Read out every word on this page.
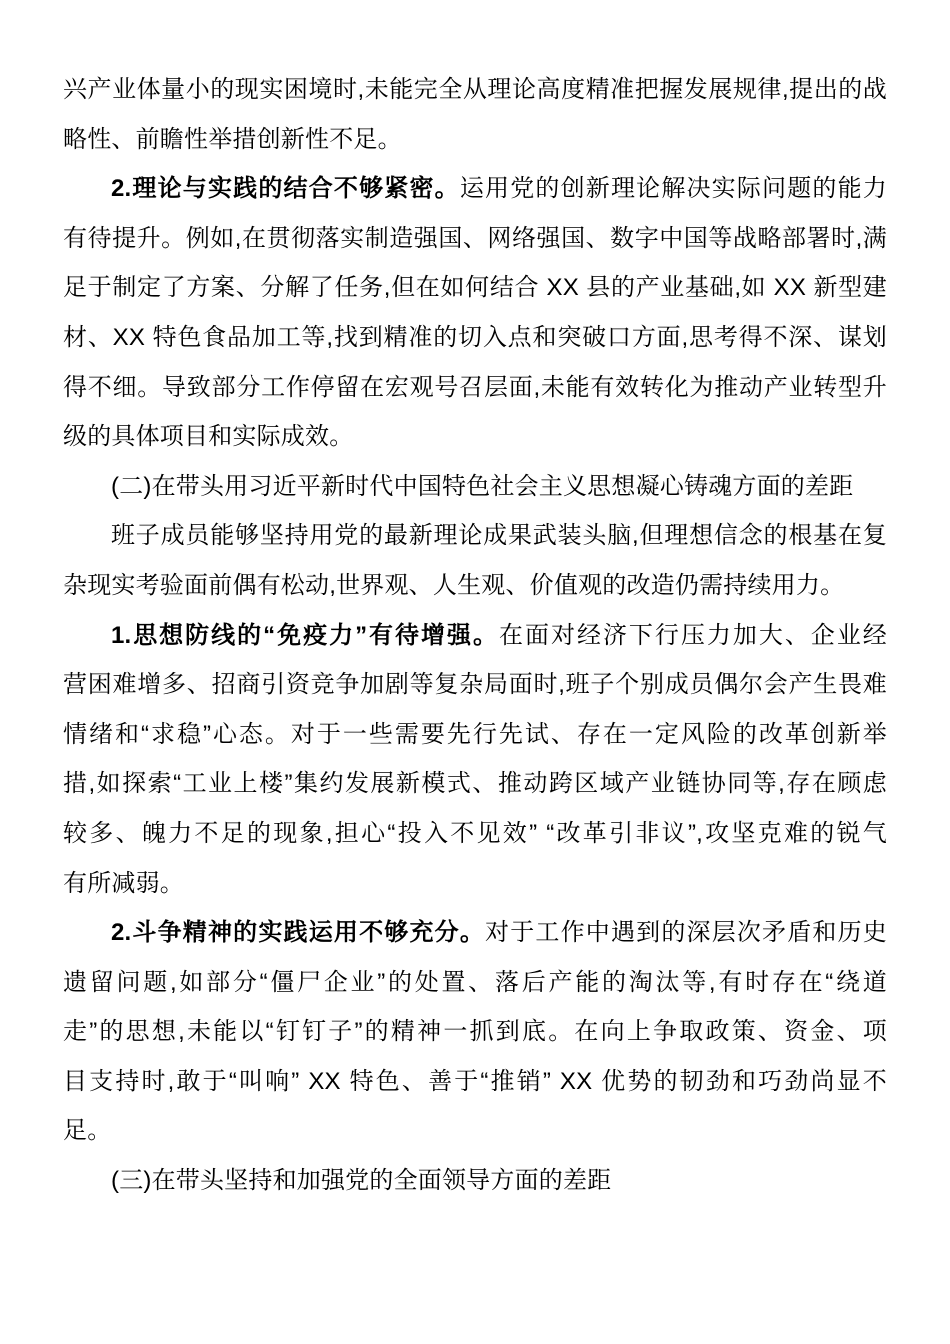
兴产业体量小的现实困境时,未能完全从理论高度精准把握发展规律,提出的战
略性、前瞻性举措创新性不足。
2.理论与实践的结合不够紧密。运用党的创新理论解决实际问题的能力
有待提升。例如,在贯彻落实制造强国、网络强国、数字中国等战略部署时,满
足于制定了方案、分解了任务,但在如何结合 XX 县的产业基础,如 XX 新型建
材、XX 特色食品加工等,找到精准的切入点和突破口方面,思考得不深、谋划
得不细。导致部分工作停留在宏观号召层面,未能有效转化为推动产业转型升
级的具体项目和实际成效。
(二)在带头用习近平新时代中国特色社会主义思想凝心铸魂方面的差距
班子成员能够坚持用党的最新理论成果武装头脑,但理想信念的根基在复
杂现实考验面前偶有松动,世界观、人生观、价值观的改造仍需持续用力。
1.思想防线的“免疫力”有待增强。在面对经济下行压力加大、企业经
营困难增多、招商引资竞争加剧等复杂局面时,班子个别成员偶尔会产生畏难
情绪和“求稳”心态。对于一些需要先行先试、存在一定风险的改革创新举
措,如探索“工业上楼”集约发展新模式、推动跨区域产业链协同等,存在顾虑
较多、魄力不足的现象,担心“投入不见效” “改革引非议”,攻坚克难的锐气
有所减弱。
2.斗争精神的实践运用不够充分。对于工作中遇到的深层次矛盾和历史
遗留问题,如部分“僵尸企业”的处置、落后产能的淘汰等,有时存在“绕道
走”的思想,未能以“钉钉子”的精神一抓到底。在向上争取政策、资金、项
目支持时,敢于“叫响” XX 特色、善于“推销” XX 优势的韧劲和巧劲尚显不
足。
(三)在带头坚持和加强党的全面领导方面的差距
